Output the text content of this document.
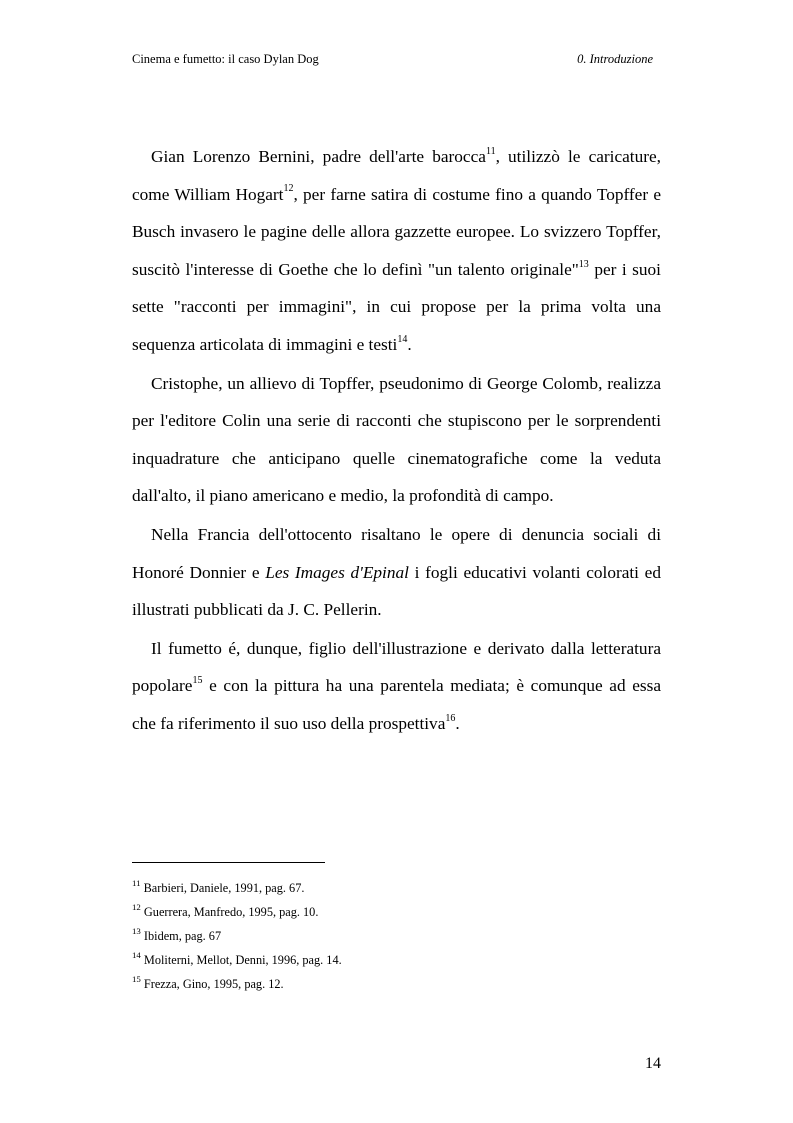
Cinema e fumetto: il caso Dylan Dog	0. Introduzione

Gian Lorenzo Bernini, padre dell'arte barocca$^{11}$, utilizzò le caricature, come William Hogart$^{12}$, per farne satira di costume fino a quando Topffer e Busch invasero le pagine delle allora gazzette europee. Lo svizzero Topffer, suscitò l'interesse di Goethe che lo definì "un talento originale"$^{13}$ per i suoi sette "racconti per immagini", in cui propose per la prima volta una sequenza articolata di immagini e testi$^{14}$.

Cristophe, un allievo di Topffer, pseudonimo di George Colomb, realizza per l'editore Colin una serie di racconti che stupiscono per le sorprendenti inquadrature che anticipano quelle cinematografiche come la veduta dall'alto, il piano americano e medio, la profondità di campo.

Nella Francia dell'ottocento risaltano le opere di denuncia sociali di Honoré Donnier e Les Images d'Epinal i fogli educativi volanti colorati ed illustrati pubblicati da J. C. Pellerin.

Il fumetto é, dunque, figlio dell'illustrazione e derivato dalla letteratura popolare$^{15}$ e con la pittura ha una parentela mediata; è comunque ad essa che fa riferimento il suo uso della prospettiva$^{16}$.

$^{11}$ Barbieri, Daniele, 1991, pag. 67.
$^{12}$ Guerrera, Manfredo, 1995, pag. 10.
$^{13}$ Ibidem, pag. 67
$^{14}$ Moliterni, Mellot, Denni, 1996, pag. 14.
$^{15}$ Frezza, Gino, 1995, pag. 12.
14
